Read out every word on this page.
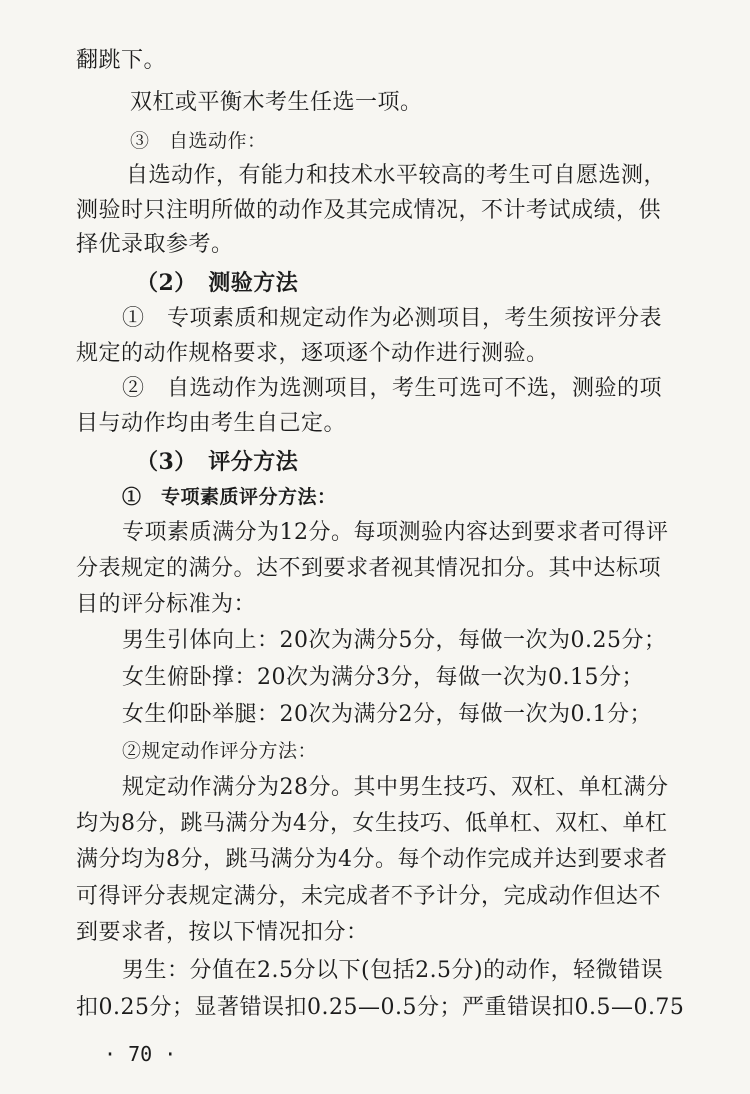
翻跳下。
双杠或平衡木考生任选一项。
③　自选动作：
自选动作，有能力和技术水平较高的考生可自愿选测，
测验时只注明所做的动作及其完成情况，不计考试成绩，供
择优录取参考。
（2）　测验方法
①　专项素质和规定动作为必测项目，考生须按评分表
规定的动作规格要求，逐项逐个动作进行测验。
②　自选动作为选测项目，考生可选可不选，测验的项
目与动作均由考生自己定。
（3）　评分方法
①　专项素质评分方法：
专项素质满分为12分。每项测验内容达到要求者可得评
分表规定的满分。达不到要求者视其情况扣分。其中达标项
目的评分标准为：
男生引体向上：20次为满分5分，每做一次为0.25分；
女生俯卧撑：20次为满分3分，每做一次为0.15分；
女生仰卧举腿：20次为满分2分，每做一次为0.1分；
②规定动作评分方法：
规定动作满分为28分。其中男生技巧、双杠、单杠满分
均为8分，跳马满分为4分，女生技巧、低单杠、双杠、单杠
满分均为8分，跳马满分为4分。每个动作完成并达到要求者
可得评分表规定满分，未完成者不予计分，完成动作但达不
到要求者，按以下情况扣分：
男生：分值在2.5分以下(包括2.5分)的动作，轻微错误
扣0.25分；显著错误扣0.25—0.5分；严重错误扣0.5—0.75
· 70 ·
